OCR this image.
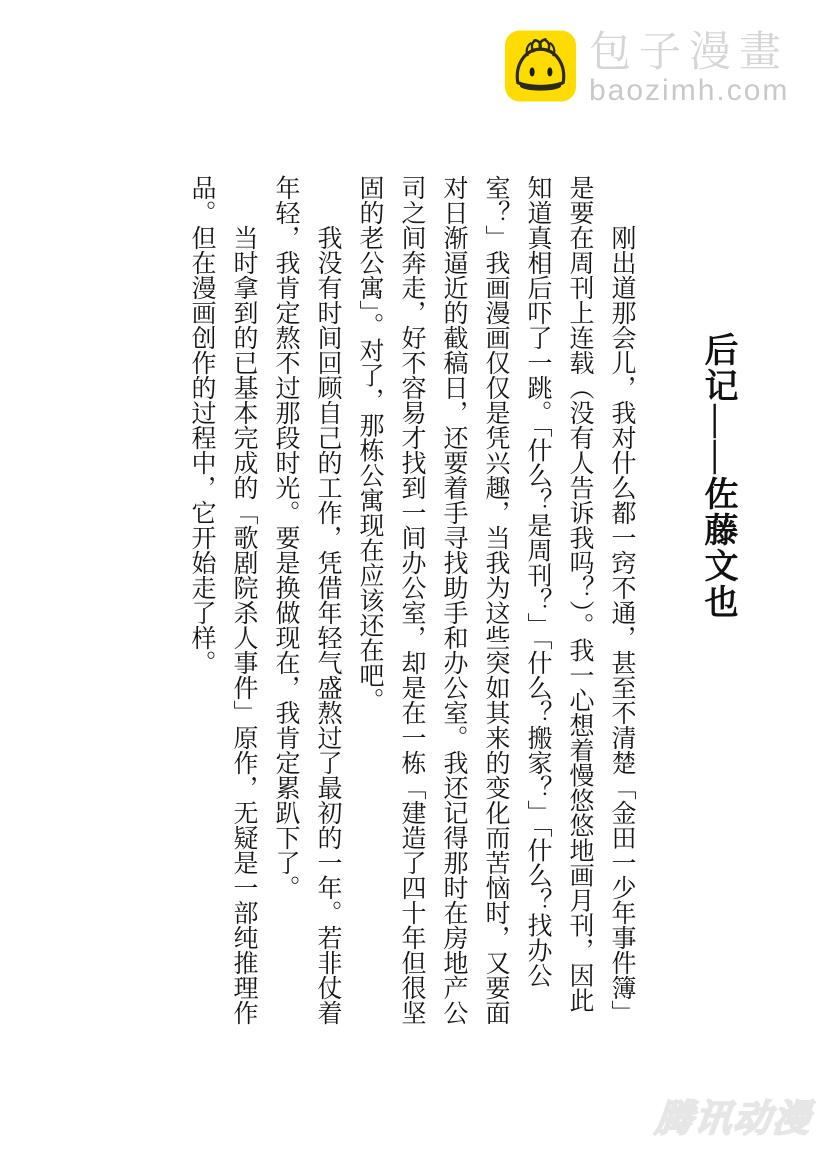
包子漫畫
baozimh.com
后记——佐藤文也

刚出道那会儿，我对什么都一窍不通，甚至不清楚「金田一少年事件簿」是要在周刊上连载（没有人告诉我吗？）。我一心想着慢悠悠地画月刊，因此知道真相后吓了一跳。「什么？是周刊？」「什么？搬家？」「什么？找办公室？」我画漫画仅仅是凭兴趣，当我为这些突如其来的变化而苦恼时，又要面对日渐逼近的截稿日，还要着手寻找助手和办公室。我还记得那时在房地产公司之间奔走，好不容易才找到一间办公室，却是在一栋「建造了四十年但很坚固的老公寓」。对了，那栋公寓现在应该还在吧。

我没有时间回顾自己的工作，凭借年轻气盛熬过了最初的一年。若非仗着年轻，我肯定熬不过那段时光。要是换做现在，我肯定累趴下了。

当时拿到的已基本完成的「歌剧院杀人事件」原作，无疑是一部纯推理作品。但在漫画创作的过程中，它开始走了样。

腾讯动漫
